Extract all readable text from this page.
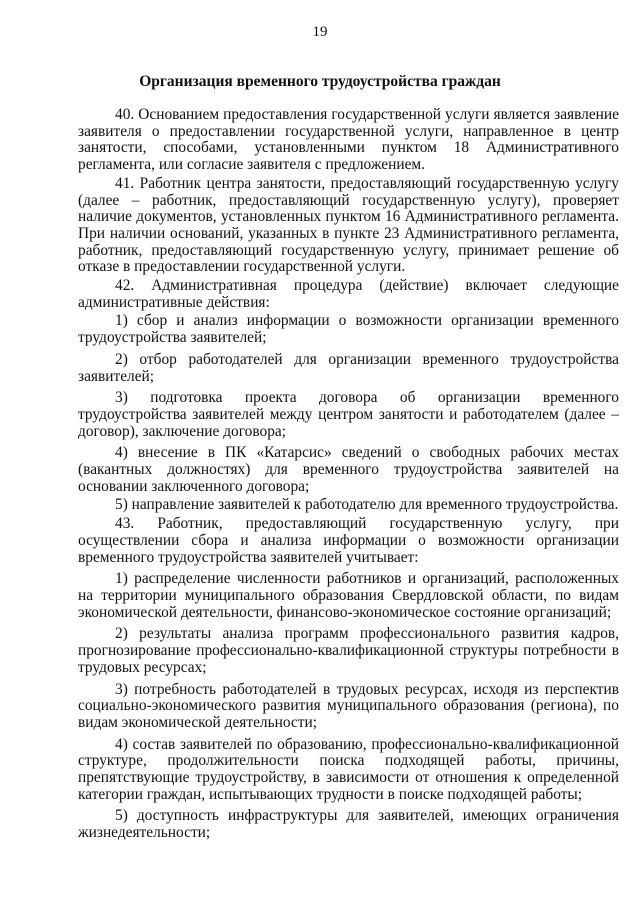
19
Организация временного трудоустройства граждан

40. Основанием предоставления государственной услуги является заявление заявителя о предоставлении государственной услуги, направленное в центр занятости, способами, установленными пунктом 18 Административного регламента, или согласие заявителя с предложением.

41. Работник центра занятости, предоставляющий государственную услугу (далее – работник, предоставляющий государственную услугу), проверяет наличие документов, установленных пунктом 16 Административного регламента. При наличии оснований, указанных в пункте 23 Административного регламента, работник, предоставляющий государственную услугу, принимает решение об отказе в предоставлении государственной услуги.

42. Административная процедура (действие) включает следующие административные действия:

1) сбор и анализ информации о возможности организации временного трудоустройства заявителей;

2) отбор работодателей для организации временного трудоустройства заявителей;

3) подготовка проекта договора об организации временного трудоустройства заявителей между центром занятости и работодателем (далее – договор), заключение договора;

4) внесение в ПК «Катарсис» сведений о свободных рабочих местах (вакантных должностях) для временного трудоустройства заявителей на основании заключенного договора;

5) направление заявителей к работодателю для временного трудоустройства.

43. Работник, предоставляющий государственную услугу, при осуществлении сбора и анализа информации о возможности организации временного трудоустройства заявителей учитывает:

1) распределение численности работников и организаций, расположенных на территории муниципального образования Свердловской области, по видам экономической деятельности, финансово-экономическое состояние организаций;

2) результаты анализа программ профессионального развития кадров, прогнозирование профессионально-квалификационной структуры потребности в трудовых ресурсах;

3) потребность работодателей в трудовых ресурсах, исходя из перспектив социально-экономического развития муниципального образования (региона), по видам экономической деятельности;

4) состав заявителей по образованию, профессионально-квалификационной структуре, продолжительности поиска подходящей работы, причины, препятствующие трудоустройству, в зависимости от отношения к определенной категории граждан, испытывающих трудности в поиске подходящей работы;

5) доступность инфраструктуры для заявителей, имеющих ограничения жизнедеятельности;
